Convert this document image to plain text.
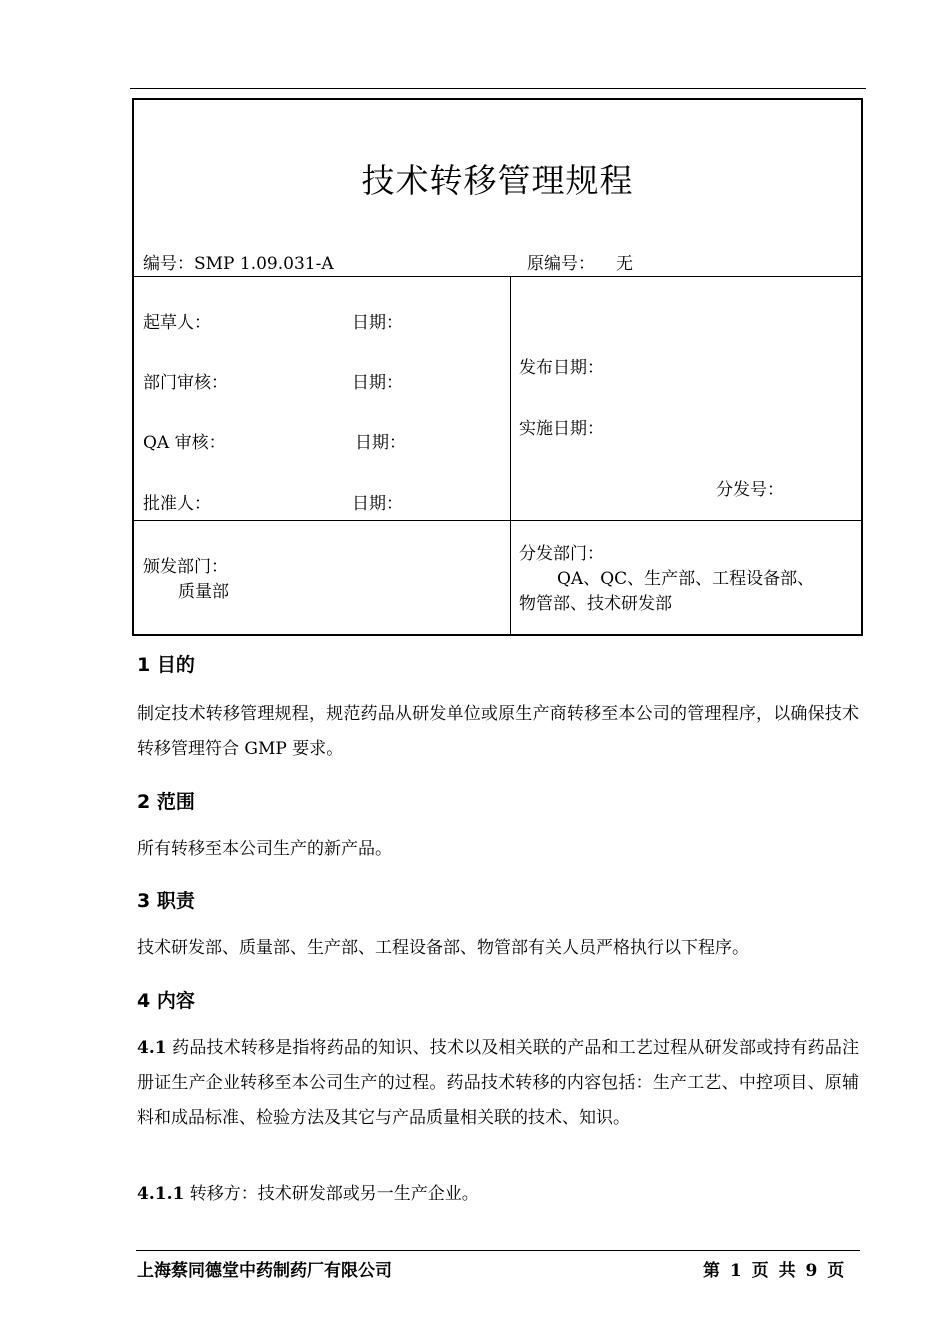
技术转移管理规程
编号：SMP 1.09.031-A	原编号： 无
起草人：	日期：
部门审核：	日期：
QA 审核：	日期：
批准人：	日期：
发布日期：
实施日期：
分发号：
颁发部门：
质量部
分发部门：
QA、QC、生产部、工程设备部、
物管部、技术研发部
1 目的
制定技术转移管理规程，规范药品从研发单位或原生产商转移至本公司的管理程序，以确保技术转移管理符合 GMP 要求。
2 范围
所有转移至本公司生产的新产品。
3 职责
技术研发部、质量部、生产部、工程设备部、物管部有关人员严格执行以下程序。
4 内容
4.1 药品技术转移是指将药品的知识、技术以及相关联的产品和工艺过程从研发部或持有药品注册证生产企业转移至本公司生产的过程。药品技术转移的内容包括：生产工艺、中控项目、原辅料和成品标准、检验方法及其它与产品质量相关联的技术、知识。
4.1.1 转移方：技术研发部或另一生产企业。
上海蔡同德堂中药制药厂有限公司	第 1 页 共 9 页
